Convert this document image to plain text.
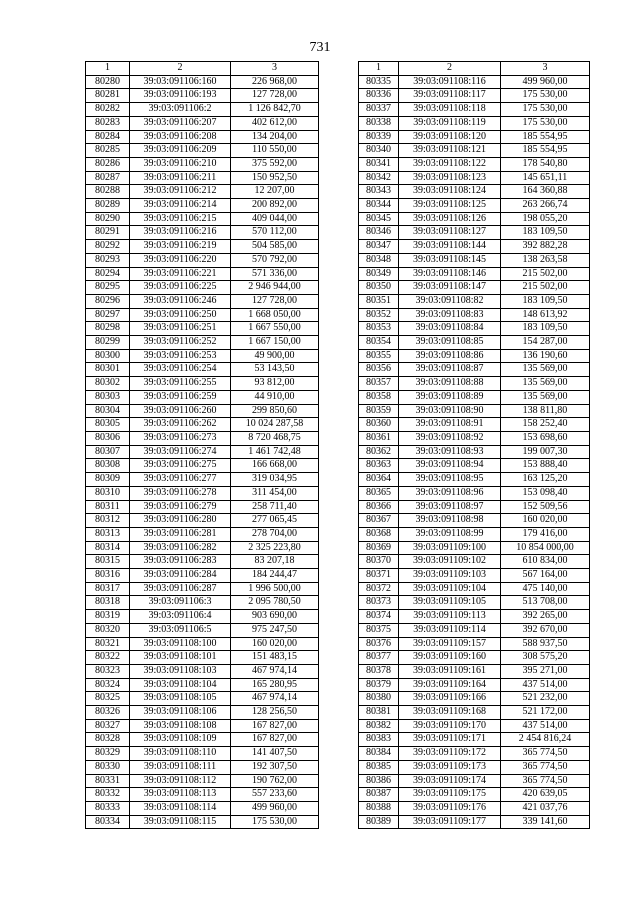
731
1	2	3
80280	39:03:091106:160	226 968,00
80281	39:03:091106:193	127 728,00
80282	39:03:091106:2	1 126 842,70
80283	39:03:091106:207	402 612,00
80284	39:03:091106:208	134 204,00
80285	39:03:091106:209	110 550,00
80286	39:03:091106:210	375 592,00
80287	39:03:091106:211	150 952,50
80288	39:03:091106:212	12 207,00
80289	39:03:091106:214	200 892,00
80290	39:03:091106:215	409 044,00
80291	39:03:091106:216	570 112,00
80292	39:03:091106:219	504 585,00
80293	39:03:091106:220	570 792,00
80294	39:03:091106:221	571 336,00
80295	39:03:091106:225	2 946 944,00
80296	39:03:091106:246	127 728,00
80297	39:03:091106:250	1 668 050,00
80298	39:03:091106:251	1 667 550,00
80299	39:03:091106:252	1 667 150,00
80300	39:03:091106:253	49 900,00
80301	39:03:091106:254	53 143,50
80302	39:03:091106:255	93 812,00
80303	39:03:091106:259	44 910,00
80304	39:03:091106:260	299 850,60
80305	39:03:091106:262	10 024 287,58
80306	39:03:091106:273	8 720 468,75
80307	39:03:091106:274	1 461 742,48
80308	39:03:091106:275	166 668,00
80309	39:03:091106:277	319 034,95
80310	39:03:091106:278	311 454,00
80311	39:03:091106:279	258 711,40
80312	39:03:091106:280	277 065,45
80313	39:03:091106:281	278 704,00
80314	39:03:091106:282	2 325 223,80
80315	39:03:091106:283	83 207,18
80316	39:03:091106:284	184 244,47
80317	39:03:091106:287	1 996 500,00
80318	39:03:091106:3	2 095 780,50
80319	39:03:091106:4	903 690,00
80320	39:03:091106:5	975 247,50
80321	39:03:091108:100	160 020,00
80322	39:03:091108:101	151 483,15
80323	39:03:091108:103	467 974,14
80324	39:03:091108:104	165 280,95
80325	39:03:091108:105	467 974,14
80326	39:03:091108:106	128 256,50
80327	39:03:091108:108	167 827,00
80328	39:03:091108:109	167 827,00
80329	39:03:091108:110	141 407,50
80330	39:03:091108:111	192 307,50
80331	39:03:091108:112	190 762,00
80332	39:03:091108:113	557 233,60
80333	39:03:091108:114	499 960,00
80334	39:03:091108:115	175 530,00
1	2	3
80335	39:03:091108:116	499 960,00
80336	39:03:091108:117	175 530,00
80337	39:03:091108:118	175 530,00
80338	39:03:091108:119	175 530,00
80339	39:03:091108:120	185 554,95
80340	39:03:091108:121	185 554,95
80341	39:03:091108:122	178 540,80
80342	39:03:091108:123	145 651,11
80343	39:03:091108:124	164 360,88
80344	39:03:091108:125	263 266,74
80345	39:03:091108:126	198 055,20
80346	39:03:091108:127	183 109,50
80347	39:03:091108:144	392 882,28
80348	39:03:091108:145	138 263,58
80349	39:03:091108:146	215 502,00
80350	39:03:091108:147	215 502,00
80351	39:03:091108:82	183 109,50
80352	39:03:091108:83	148 613,92
80353	39:03:091108:84	183 109,50
80354	39:03:091108:85	154 287,00
80355	39:03:091108:86	136 190,60
80356	39:03:091108:87	135 569,00
80357	39:03:091108:88	135 569,00
80358	39:03:091108:89	135 569,00
80359	39:03:091108:90	138 811,80
80360	39:03:091108:91	158 252,40
80361	39:03:091108:92	153 698,60
80362	39:03:091108:93	199 007,30
80363	39:03:091108:94	153 888,40
80364	39:03:091108:95	163 125,20
80365	39:03:091108:96	153 098,40
80366	39:03:091108:97	152 509,56
80367	39:03:091108:98	160 020,00
80368	39:03:091108:99	179 416,00
80369	39:03:091109:100	10 854 000,00
80370	39:03:091109:102	610 834,00
80371	39:03:091109:103	567 164,00
80372	39:03:091109:104	475 140,00
80373	39:03:091109:105	513 708,00
80374	39:03:091109:113	392 265,00
80375	39:03:091109:114	392 670,00
80376	39:03:091109:157	588 937,50
80377	39:03:091109:160	308 575,20
80378	39:03:091109:161	395 271,00
80379	39:03:091109:164	437 514,00
80380	39:03:091109:166	521 232,00
80381	39:03:091109:168	521 172,00
80382	39:03:091109:170	437 514,00
80383	39:03:091109:171	2 454 816,24
80384	39:03:091109:172	365 774,50
80385	39:03:091109:173	365 774,50
80386	39:03:091109:174	365 774,50
80387	39:03:091109:175	420 639,05
80388	39:03:091109:176	421 037,76
80389	39:03:091109:177	339 141,60
